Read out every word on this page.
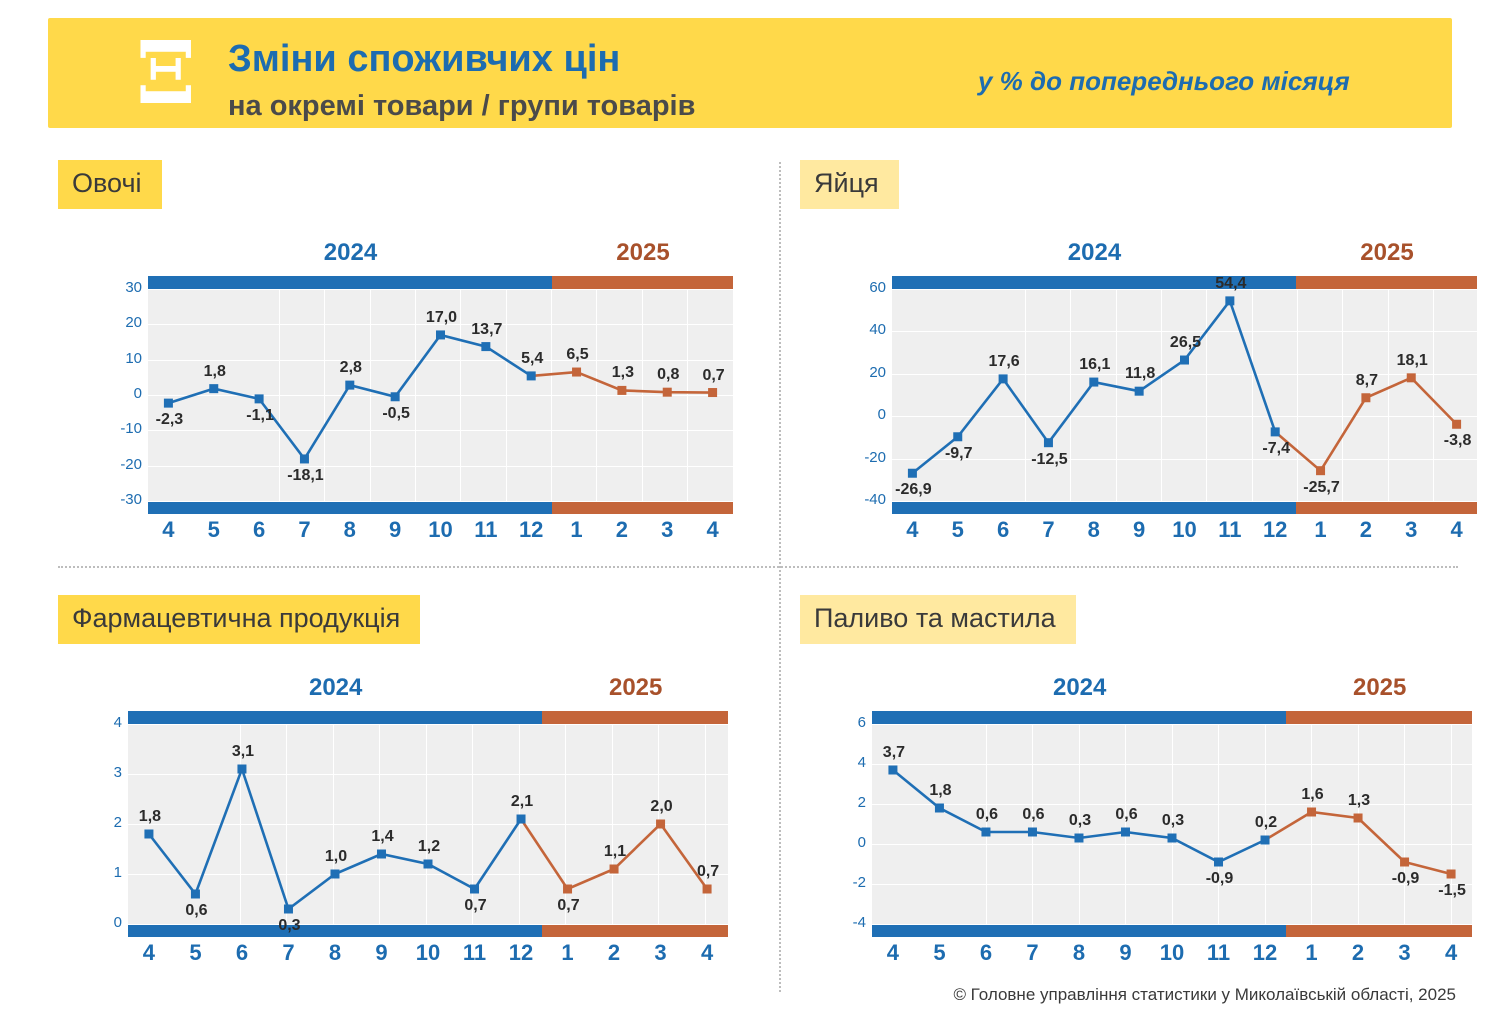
Ξ Зміни споживчих цін
на окремі товари / групи товарів
у % до попереднього місяця
Овочі
2024	2025
-30
-20
-10
0
10
20
30
4	5	6	7	8	9	10 11 12	1	2	3	4
-2,3
1,8
-1,1
-18,1
2,8
-0,5
17,0
13,7
5,4	6,5
1,3	0,8	0,7
Яйця
2024	2025
-40
-20
0
20
40
60
4	5	6	7	8	9	10 11 12	1	2	3	4
-26,9
-9,7
17,6
-12,5
16,1
11,8
26,5
54,4
-7,4
-25,7
8,7
18,1
-3,8
Фармацевтична продукція
2024	2025
0
1
2
3
4
4	5	6	7	8	9	10	11	12	1	2	3	4
1,8
0,6
3,1
0,3
1,0
1,4
1,2
0,7
2,1
0,7
1,1
2,0
0,7
Паливо та мастила
2024	2025
-4
-2
0
2
4
6
4	5	6	7	8	9	10	11	12	1	2	3	4
3,7
1,8
0,6	0,6	0,3	0,6	0,3
-0,9
0,2
1,6	1,3
-0,9
-1,5
© Головне управління статистики у Миколаївській області, 2025
